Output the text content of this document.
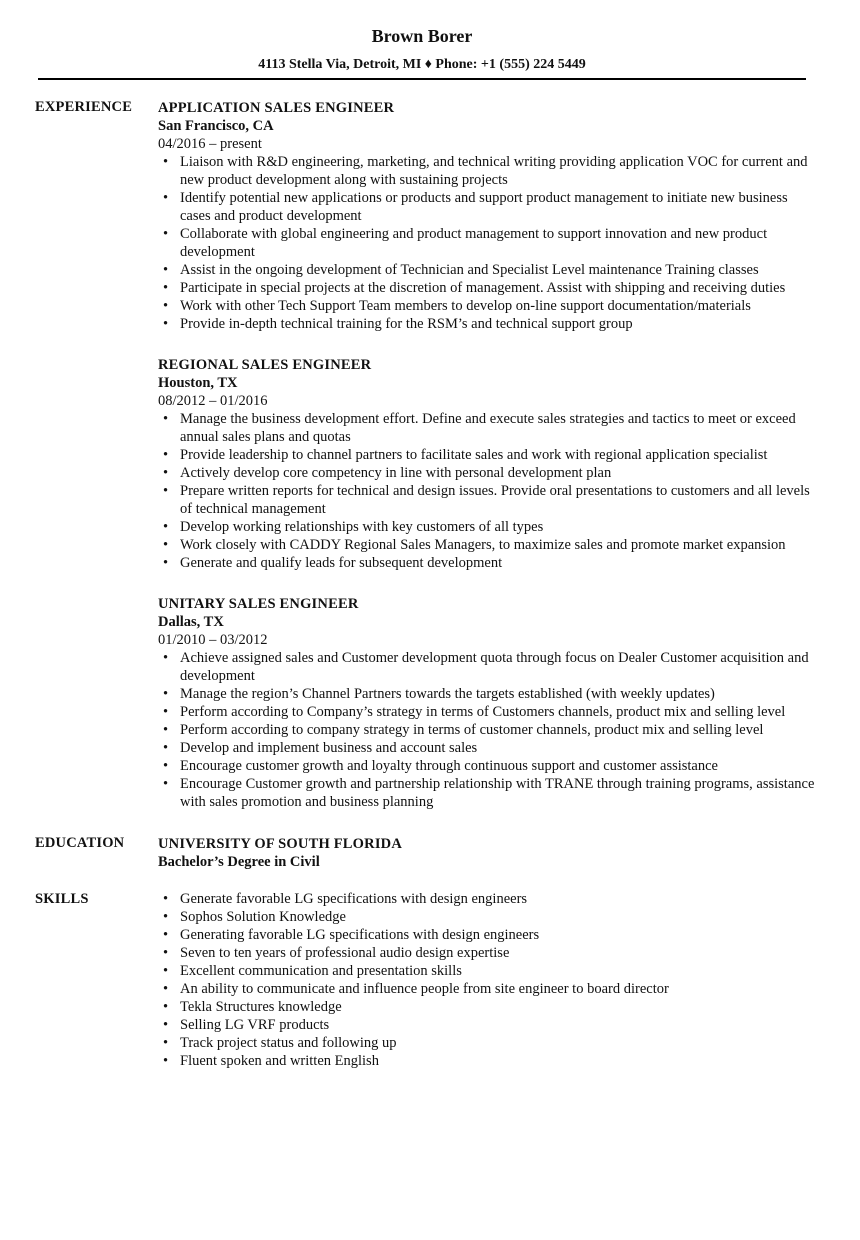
Brown Borer
4113 Stella Via, Detroit, MI ♦ Phone: +1 (555) 224 5449
EXPERIENCE APPLICATION SALES ENGINEER
San Francisco, CA
04/2016 – present
• Liaison with R&D engineering, marketing, and technical writing providing application VOC for current and new product development along with sustaining projects
• Identify potential new applications or products and support product management to initiate new business cases and product development
• Collaborate with global engineering and product management to support innovation and new product development
• Assist in the ongoing development of Technician and Specialist Level maintenance Training classes
• Participate in special projects at the discretion of management. Assist with shipping and receiving duties
• Work with other Tech Support Team members to develop on-line support documentation/materials
• Provide in-depth technical training for the RSM’s and technical support group
REGIONAL SALES ENGINEER
Houston, TX
08/2012 – 01/2016
• Manage the business development effort. Define and execute sales strategies and tactics to meet or exceed annual sales plans and quotas
• Provide leadership to channel partners to facilitate sales and work with regional application specialist
• Actively develop core competency in line with personal development plan
• Prepare written reports for technical and design issues. Provide oral presentations to customers and all levels of technical management
• Develop working relationships with key customers of all types
• Work closely with CADDY Regional Sales Managers, to maximize sales and promote market expansion
• Generate and qualify leads for subsequent development
UNITARY SALES ENGINEER
Dallas, TX
01/2010 – 03/2012
• Achieve assigned sales and Customer development quota through focus on Dealer Customer acquisition and development
• Manage the region’s Channel Partners towards the targets established (with weekly updates)
• Perform according to Company’s strategy in terms of Customers channels, product mix and selling level
• Perform according to company strategy in terms of customer channels, product mix and selling level
• Develop and implement business and account sales
• Encourage customer growth and loyalty through continuous support and customer assistance
• Encourage Customer growth and partnership relationship with TRANE through training programs, assistance with sales promotion and business planning
EDUCATION UNIVERSITY OF SOUTH FLORIDA
Bachelor’s Degree in Civil
SKILLS	• Generate favorable LG specifications with design engineers
• Sophos Solution Knowledge
• Generating favorable LG specifications with design engineers
• Seven to ten years of professional audio design expertise
• Excellent communication and presentation skills
• An ability to communicate and influence people from site engineer to board director
• Tekla Structures knowledge
• Selling LG VRF products
• Track project status and following up
• Fluent spoken and written English
